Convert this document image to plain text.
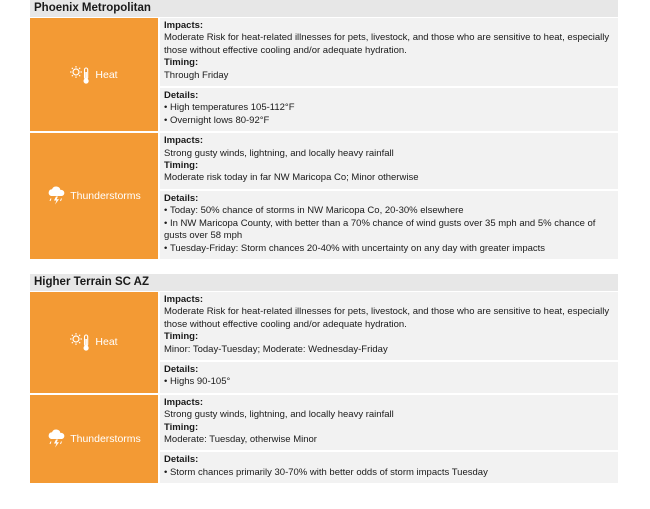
Phoenix Metropolitan
Heat
Impacts:
Moderate Risk for heat-related illnesses for pets, livestock, and those who are sensitive to heat, especially those without effective cooling and/or adequate hydration.
Timing:
Through Friday
Details:
• High temperatures 105-112°F
• Overnight lows 80-92°F
Thunderstorms
Impacts:
Strong gusty winds, lightning, and locally heavy rainfall
Timing:
Moderate risk today in far NW Maricopa Co; Minor otherwise
Details:
• Today: 50% chance of storms in NW Maricopa Co, 20-30% elsewhere
• In NW Maricopa County, with better than a 70% chance of wind gusts over 35 mph and 5% chance of gusts over 58 mph
• Tuesday-Friday: Storm chances 20-40% with uncertainty on any day with greater impacts
Higher Terrain SC AZ
Heat
Impacts:
Moderate Risk for heat-related illnesses for pets, livestock, and those who are sensitive to heat, especially those without effective cooling and/or adequate hydration.
Timing:
Minor: Today-Tuesday; Moderate: Wednesday-Friday
Details:
• Highs 90-105°
Thunderstorms
Impacts:
Strong gusty winds, lightning, and locally heavy rainfall
Timing:
Moderate: Tuesday, otherwise Minor
Details:
• Storm chances primarily 30-70% with better odds of storm impacts Tuesday
